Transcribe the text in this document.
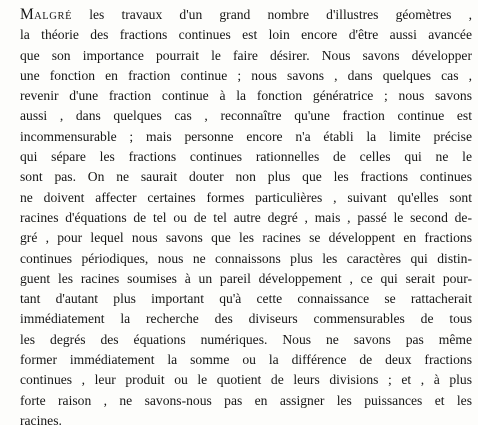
MALGRÉ les travaux d'un grand nombre d'illustres géomètres ,
la théorie des fractions continues est loin encore d'être aussi avancée
que son importance pourrait le faire désirer. Nous savons développer
une fonction en fraction continue ; nous savons , dans quelques cas ,
revenir d'une fraction continue à la fonction génératrice ; nous savons
aussi , dans quelques cas , reconnaître qu'une fraction continue est
incommensurable ; mais personne encore n'a établi la limite précise
qui sépare les fractions continues rationnelles de celles qui ne le
sont pas. On ne saurait douter non plus que les fractions continues
ne doivent affecter certaines formes particulières , suivant qu'elles sont
racines d'équations de tel ou de tel autre degré , mais , passé le second de-
gré , pour lequel nous savons que les racines se développent en fractions
continues périodiques, nous ne connaissons plus les caractères qui distin-
guent les racines soumises à un pareil développement , ce qui serait pour-
tant d'autant plus important qu'à cette connaissance se rattacherait
immédiatement la recherche des diviseurs commensurables de tous
les degrés des équations numériques. Nous ne savons pas même
former immédiatement la somme ou la différence de deux fractions
continues , leur produit ou le quotient de leurs divisions ; et , à plus
forte raison , ne savons-nous pas en assigner les puissances et les
racines.
